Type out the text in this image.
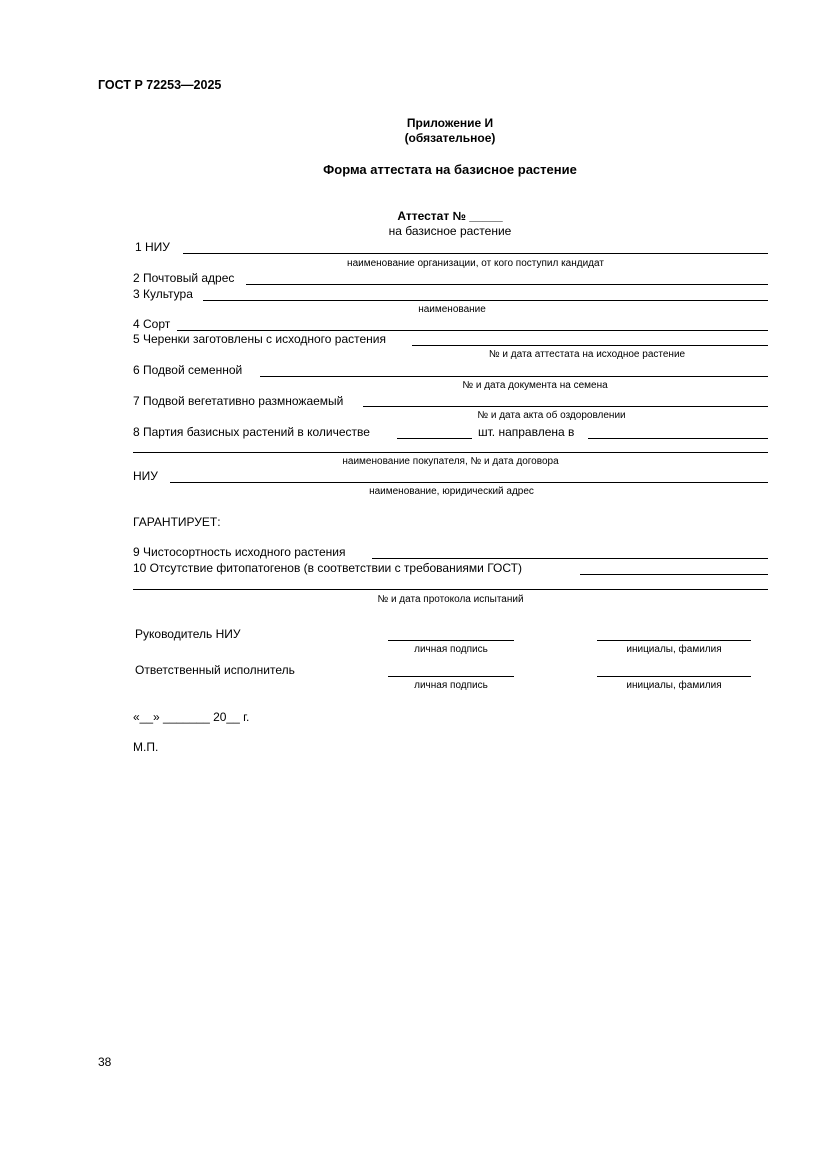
ГОСТ Р 72253—2025
Приложение И
(обязательное)
Форма аттестата на базисное растение
Аттестат № _____
на базисное растение
1 НИУ
наименование организации, от кого поступил кандидат
2 Почтовый адрес
3 Культура
наименование
4 Сорт
5 Черенки заготовлены с исходного растения
№ и дата аттестата на исходное растение
6 Подвой семенной
№ и дата документа на семена
7 Подвой вегетативно размножаемый
№ и дата акта об оздоровлении
8 Партия базисных растений в количестве	шт. направлена в
наименование покупателя, № и дата договора
НИУ
наименование, юридический адрес
ГАРАНТИРУЕТ:
9 Чистосортность исходного растения
10 Отсутствие фитопатогенов (в соответствии с требованиями ГОСТ)
№ и дата протокола испытаний
Руководитель НИУ
личная подпись	инициалы, фамилия
Ответственный исполнитель
личная подпись	инициалы, фамилия
«__» _______ 20__ г.
М.П.
38
